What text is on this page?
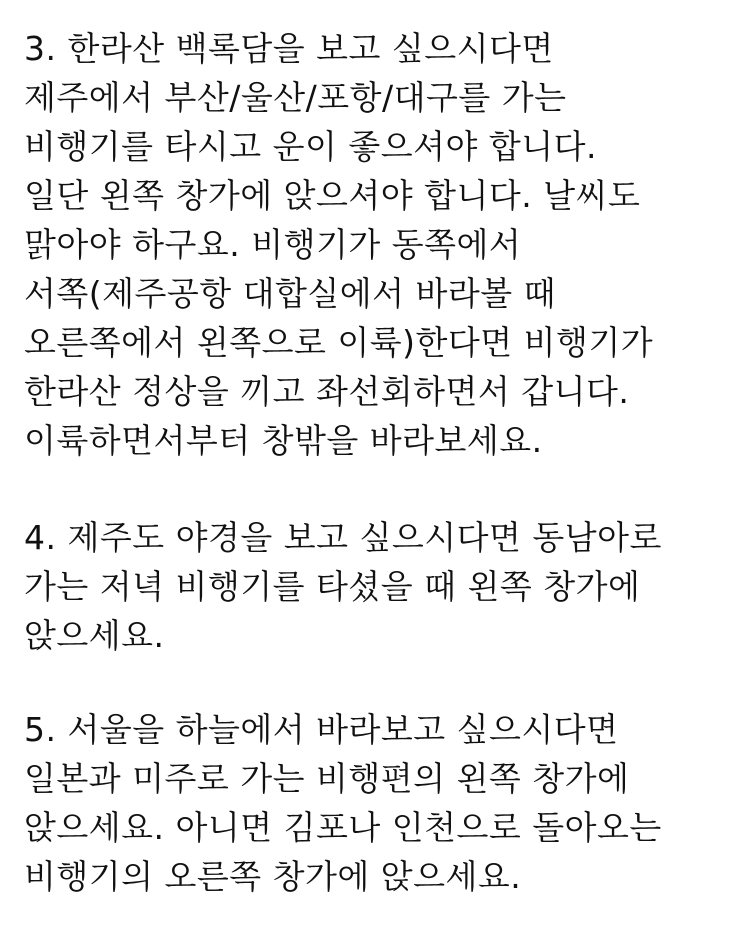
3. 한라산 백록담을 보고 싶으시다면
제주에서 부산/울산/포항/대구를 가는
비행기를 타시고 운이 좋으셔야 합니다.
일단 왼쪽 창가에 앉으셔야 합니다. 날씨도
맑아야 하구요. 비행기가 동쪽에서
서쪽(제주공항 대합실에서 바라볼 때
오른쪽에서 왼쪽으로 이륙)한다면 비행기가
한라산 정상을 끼고 좌선회하면서 갑니다.
이륙하면서부터 창밖을 바라보세요.

4. 제주도 야경을 보고 싶으시다면 동남아로
가는 저녁 비행기를 타셨을 때 왼쪽 창가에
앉으세요.

5. 서울을 하늘에서 바라보고 싶으시다면
일본과 미주로 가는 비행편의 왼쪽 창가에
앉으세요. 아니면 김포나 인천으로 돌아오는
비행기의 오른쪽 창가에 앉으세요.
